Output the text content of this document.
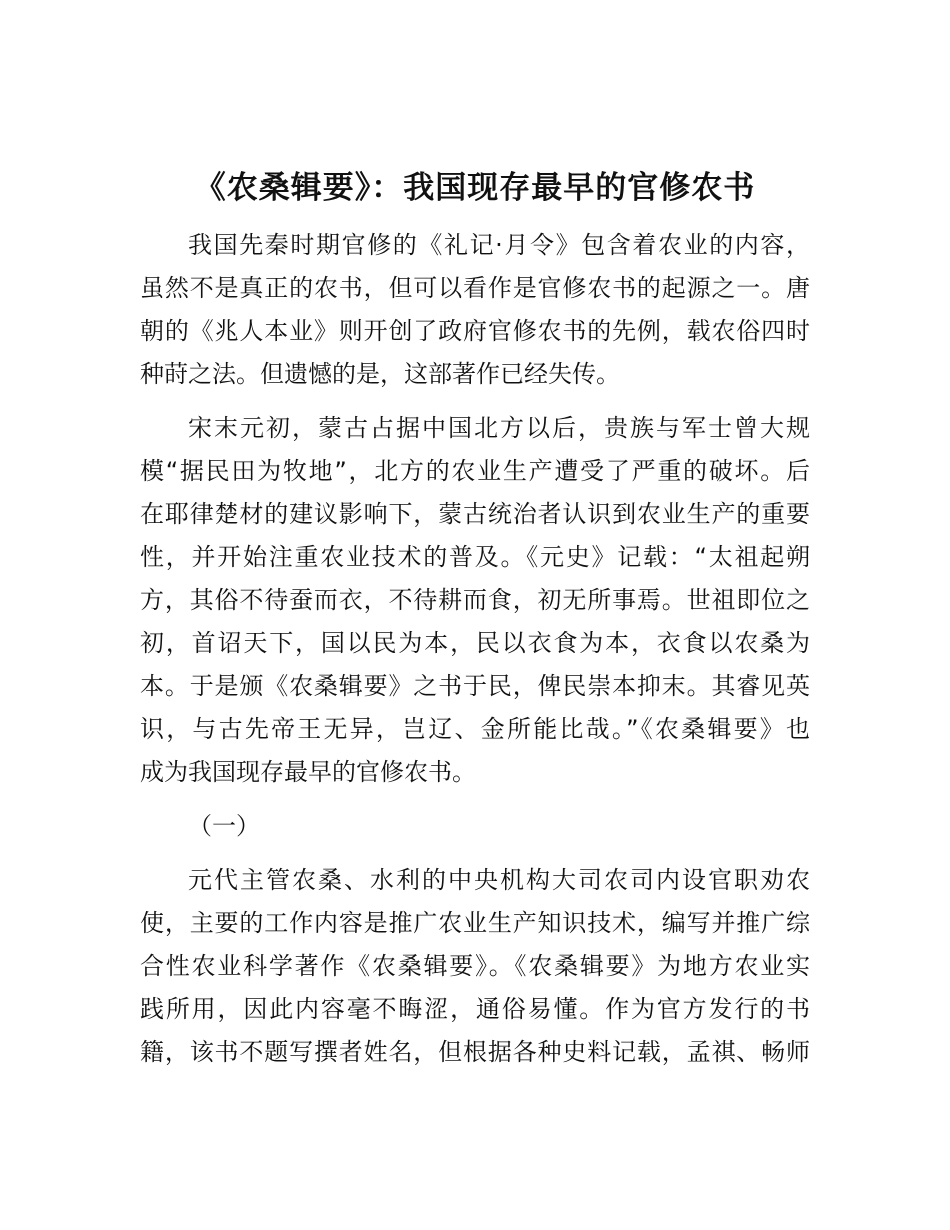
《农桑辑要》：我国现存最早的官修农书
我国先秦时期官修的《礼记·月令》包含着农业的内容，
虽然不是真正的农书，但可以看作是官修农书的起源之一。唐
朝的《兆人本业》则开创了政府官修农书的先例，载农俗四时
种莳之法。但遗憾的是，这部著作已经失传。
宋末元初，蒙古占据中国北方以后，贵族与军士曾大规
模“据民田为牧地”，北方的农业生产遭受了严重的破坏。后
在耶律楚材的建议影响下，蒙古统治者认识到农业生产的重要
性，并开始注重农业技术的普及。《元史》记载：“太祖起朔
方，其俗不待蚕而衣，不待耕而食，初无所事焉。世祖即位之
初，首诏天下，国以民为本，民以衣食为本，衣食以农桑为
本。于是颁《农桑辑要》之书于民，俾民崇本抑末。其睿见英
识，与古先帝王无异，岂辽、金所能比哉。”《农桑辑要》也
成为我国现存最早的官修农书。
（一）
元代主管农桑、水利的中央机构大司农司内设官职劝农
使，主要的工作内容是推广农业生产知识技术，编写并推广综
合性农业科学著作《农桑辑要》。《农桑辑要》为地方农业实
践所用，因此内容毫不晦涩，通俗易懂。作为官方发行的书
籍，该书不题写撰者姓名，但根据各种史料记载，孟祺、畅师
